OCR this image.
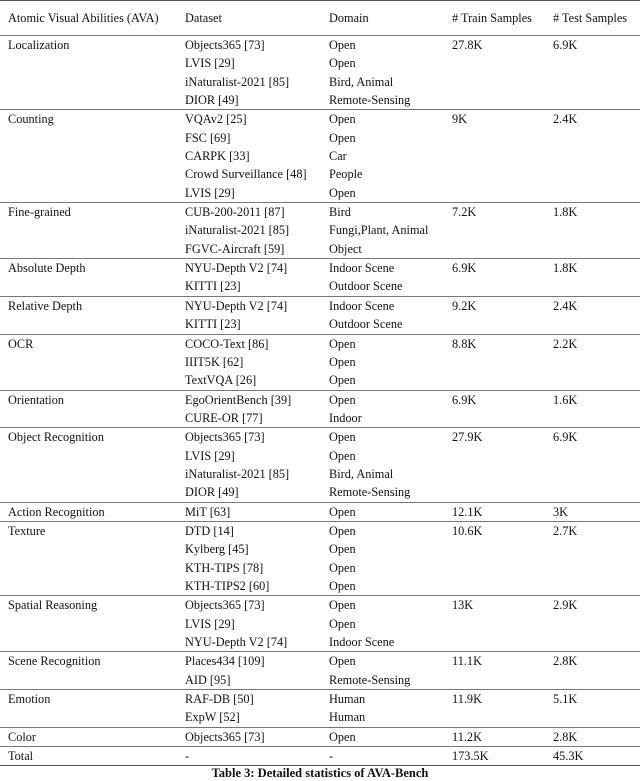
Atomic Visual Abilities (AVA)	Dataset	Domain	# Train Samples	# Test Samples
Localization	Objects365 [73]	Open	27.8K	6.9K
	LVIS [29]	Open		
	iNaturalist-2021 [85]	Bird, Animal		
	DIOR [49]	Remote-Sensing		
Counting	VQAv2 [25]	Open	9K	2.4K
	FSC [69]	Open		
	CARPK [33]	Car		
	Crowd Surveillance [48]	People		
	LVIS [29]	Open		
Fine-grained	CUB-200-2011 [87]	Bird	7.2K	1.8K
	iNaturalist-2021 [85]	Fungi,Plant, Animal		
	FGVC-Aircraft [59]	Object		
Absolute Depth	NYU-Depth V2 [74]	Indoor Scene	6.9K	1.8K
	KITTI [23]	Outdoor Scene		
Relative Depth	NYU-Depth V2 [74]	Indoor Scene	9.2K	2.4K
	KITTI [23]	Outdoor Scene		
OCR	COCO-Text [86]	Open	8.8K	2.2K
	IIIT5K [62]	Open		
	TextVQA [26]	Open		
Orientation	EgoOrientBench [39]	Open	6.9K	1.6K
	CURE-OR [77]	Indoor		
Object Recognition	Objects365 [73]	Open	27.9K	6.9K
	LVIS [29]	Open		
	iNaturalist-2021 [85]	Bird, Animal		
	DIOR [49]	Remote-Sensing		
Action Recognition	MiT [63]	Open	12.1K	3K
Texture	DTD [14]	Open	10.6K	2.7K
	Kylberg [45]	Open		
	KTH-TIPS [78]	Open		
	KTH-TIPS2 [60]	Open		
Spatial Reasoning	Objects365 [73]	Open	13K	2.9K
	LVIS [29]	Open		
	NYU-Depth V2 [74]	Indoor Scene		
Scene Recognition	Places434 [109]	Open	11.1K	2.8K
	AID [95]	Remote-Sensing		
Emotion	RAF-DB [50]	Human	11.9K	5.1K
	ExpW [52]	Human		
Color	Objects365 [73]	Open	11.2K	2.8K
Total	-	-	173.5K	45.3K
Table 3: Detailed statistics of AVA-Bench
